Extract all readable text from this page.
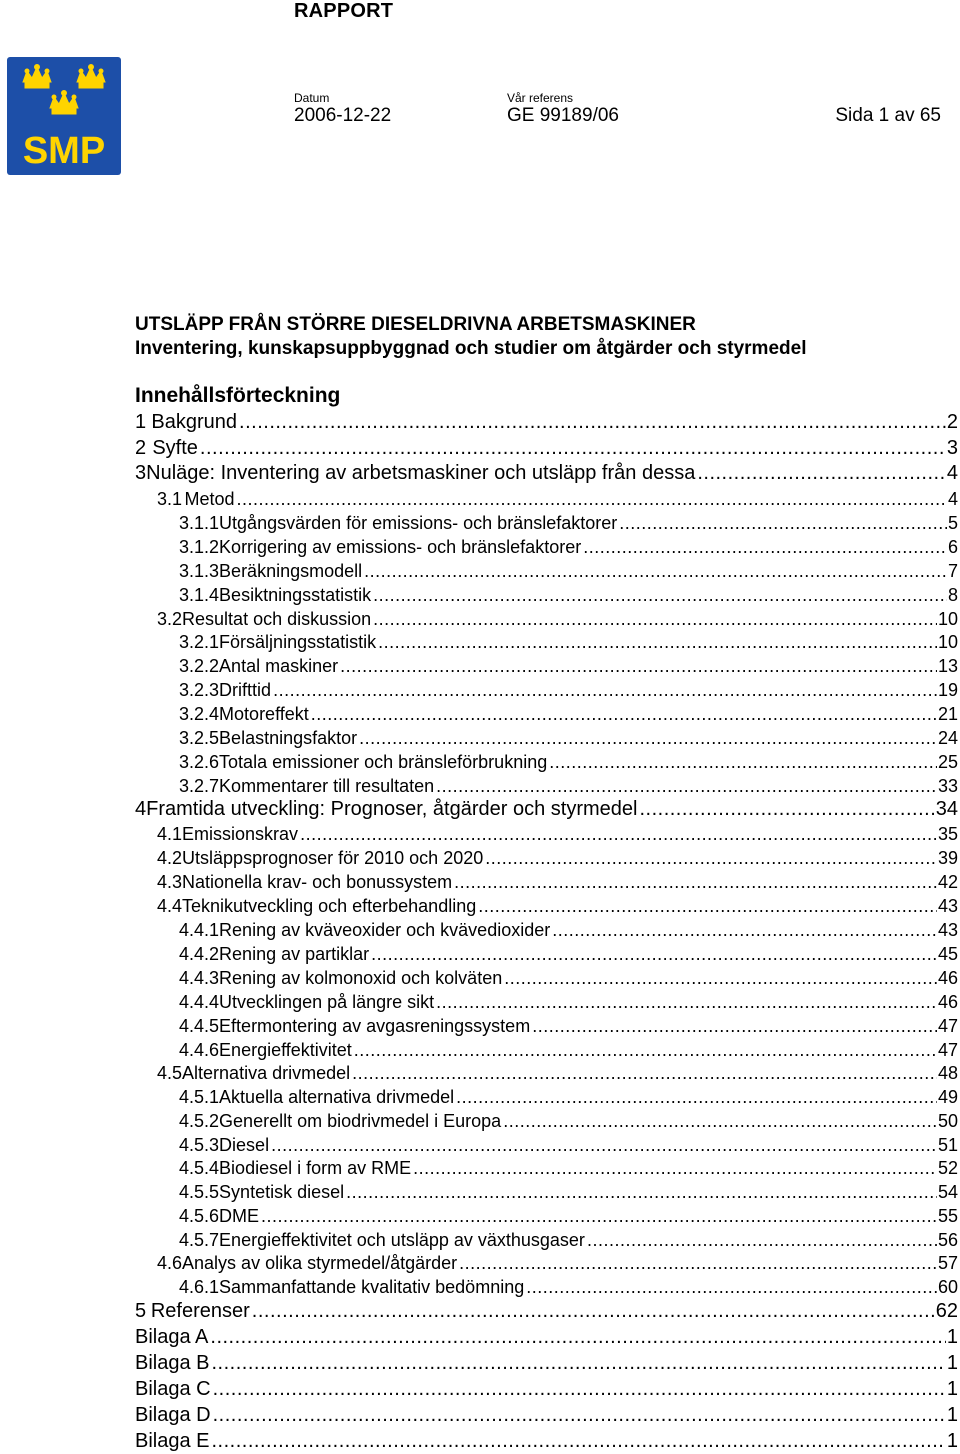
RAPPORT
SMP
Datum
2006-12-22
Vår referens
GE 99189/06	Sida 1 av 65
UTSLÄPP FRÅN STÖRRE DIESELDRIVNA ARBETSMASKINER
Inventering, kunskapsuppbyggnad och studier om åtgärder och styrmedel
Innehållsförteckning
1 Bakgrund .....	2
2 Syfte .....	3
3 Nuläge: Inventering av arbetsmaskiner och utsläpp från dessa .....	4
3.1 Metod .....	4
3.1.1 Utgångsvärden för emissions- och bränslefaktorer .....	5
3.1.2 Korrigering av emissions- och bränslefaktorer .....	6
3.1.3 Beräkningsmodell .....	7
3.1.4 Besiktningsstatistik .....	8
3.2 Resultat och diskussion .....	10
3.2.1 Försäljningsstatistik .....	10
3.2.2 Antal maskiner .....	13
3.2.3 Drifttid .....	19
3.2.4 Motoreffekt .....	21
3.2.5 Belastningsfaktor .....	24
3.2.6 Totala emissioner och bränsleförbrukning .....	25
3.2.7 Kommentarer till resultaten .....	33
4 Framtida utveckling: Prognoser, åtgärder och styrmedel .....	34
4.1 Emissionskrav .....	35
4.2 Utsläppsprognoser för 2010 och 2020 .....	39
4.3 Nationella krav- och bonussystem .....	42
4.4 Teknikutveckling och efterbehandling .....	43
4.4.1 Rening av kväveoxider och kvävedioxider .....	43
4.4.2 Rening av partiklar .....	45
4.4.3 Rening av kolmonoxid och kolväten .....	46
4.4.4 Utvecklingen på längre sikt .....	46
4.4.5 Eftermontering av avgasreningssystem .....	47
4.4.6 Energieffektivitet .....	47
4.5 Alternativa drivmedel .....	48
4.5.1 Aktuella alternativa drivmedel .....	49
4.5.2 Generellt om biodrivmedel i Europa .....	50
4.5.3 Diesel .....	51
4.5.4 Biodiesel i form av RME .....	52
4.5.5 Syntetisk diesel .....	54
4.5.6 DME .....	55
4.5.7 Energieffektivitet och utsläpp av växthusgaser .....	56
4.6 Analys av olika styrmedel/åtgärder .....	57
4.6.1 Sammanfattande kvalitativ bedömning .....	60
5 Referenser .....	62
Bilaga A .....	1
Bilaga B .....	1
Bilaga C .....	1
Bilaga D .....	1
Bilaga E .....	1
